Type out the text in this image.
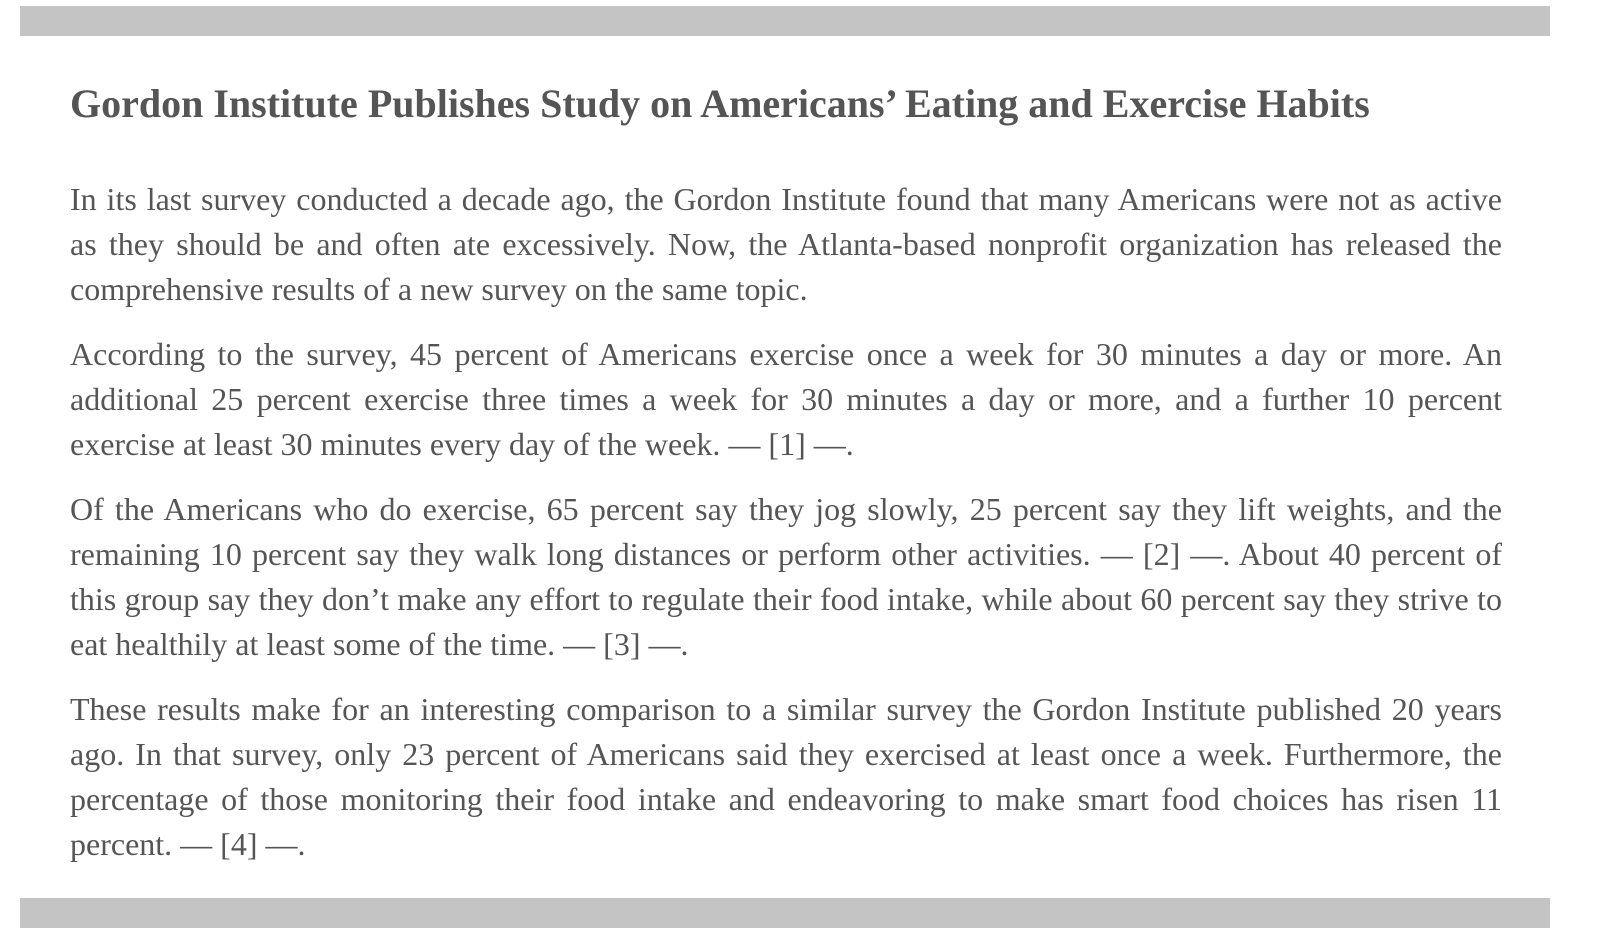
Gordon Institute Publishes Study on Americans’ Eating and Exercise Habits

In its last survey conducted a decade ago, the Gordon Institute found that many Americans were not as active as they should be and often ate excessively. Now, the Atlanta-based nonprofit organization has released the comprehensive results of a new survey on the same topic.

According to the survey, 45 percent of Americans exercise once a week for 30 minutes a day or more. An additional 25 percent exercise three times a week for 30 minutes a day or more, and a further 10 percent exercise at least 30 minutes every day of the week. — [1] —.

Of the Americans who do exercise, 65 percent say they jog slowly, 25 percent say they lift weights, and the remaining 10 percent say they walk long distances or perform other activities. — [2] —. About 40 percent of this group say they don’t make any effort to regulate their food intake, while about 60 percent say they strive to eat healthily at least some of the time. — [3] —.

These results make for an interesting comparison to a similar survey the Gordon Institute published 20 years ago. In that survey, only 23 percent of Americans said they exercised at least once a week. Furthermore, the percentage of those monitoring their food intake and endeavoring to make smart food choices has risen 11 percent. — [4] —.
